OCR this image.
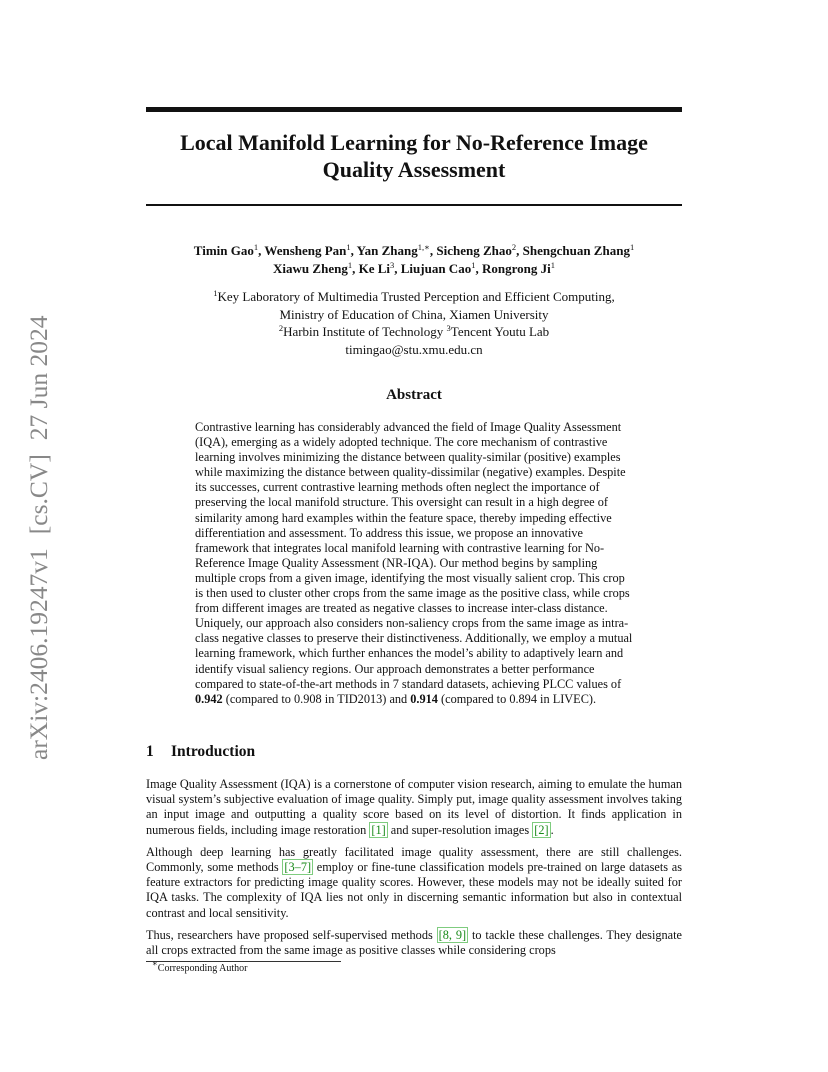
arXiv:2406.19247v1[cs.CV]27 Jun 2024
Local Manifold Learning for No-Reference Image
Quality Assessment
Timin Gao$^1$, Wensheng Pan$^1$, Yan Zhang$^{1,∗}$, Sicheng Zhao$^2$, Shengchuan Zhang$^1$
Xiawu Zheng$^1$, Ke Li$^3$, Liujuan Cao$^1$, Rongrong Ji$^1$
$^1$Key Laboratory of Multimedia Trusted Perception and Efficient Computing,
Ministry of Education of China, Xiamen University
$^2$Harbin Institute of Technology $^3$Tencent Youtu Lab
timingao@stu.xmu.edu.cn
Abstract
Contrastive learning has considerably advanced the field of Image Quality Assessment (IQA), emerging as a widely adopted technique. The core mechanism of contrastive learning involves minimizing the distance between quality-similar (positive) examples while maximizing the distance between quality-dissimilar (negative) examples. Despite its successes, current contrastive learning methods often neglect the importance of preserving the local manifold structure. This oversight can result in a high degree of similarity among hard examples within the feature space, thereby impeding effective differentiation and assessment. To address this issue, we propose an innovative framework that integrates local manifold learning with contrastive learning for No-Reference Image Quality Assessment (NR-IQA). Our method begins by sampling multiple crops from a given image, identifying the most visually salient crop. This crop is then used to cluster other crops from the same image as the positive class, while crops from different images are treated as negative classes to increase inter-class distance. Uniquely, our approach also considers non-saliency crops from the same image as intra-class negative classes to preserve their distinctiveness. Additionally, we employ a mutual learning framework, which further enhances the model’s ability to adaptively learn and identify visual saliency regions. Our approach demonstrates a better performance compared to state-of-the-art methods in 7 standard datasets, achieving PLCC values of 0.942 (compared to 0.908 in TID2013) and 0.914 (compared to 0.894 in LIVEC).
1 Introduction

Image Quality Assessment (IQA) is a cornerstone of computer vision research, aiming to emulate the human visual system’s subjective evaluation of image quality. Simply put, image quality assessment involves taking an input image and outputting a quality score based on its level of distortion. It finds application in numerous fields, including image restoration [1] and super-resolution images [2] .

Although deep learning has greatly facilitated image quality assessment, there are still challenges. Commonly, some methods [3–7] employ or fine-tune classification models pre-trained on large datasets as feature extractors for predicting image quality scores. However, these models may not be ideally suited for IQA tasks. The complexity of IQA lies not only in discerning semantic information but also in contextual contrast and local sensitivity.

Thus, researchers have proposed self-supervised methods [8, 9] to tackle these challenges. They designate all crops extracted from the same image as positive classes while considering crops

∗Corresponding Author
